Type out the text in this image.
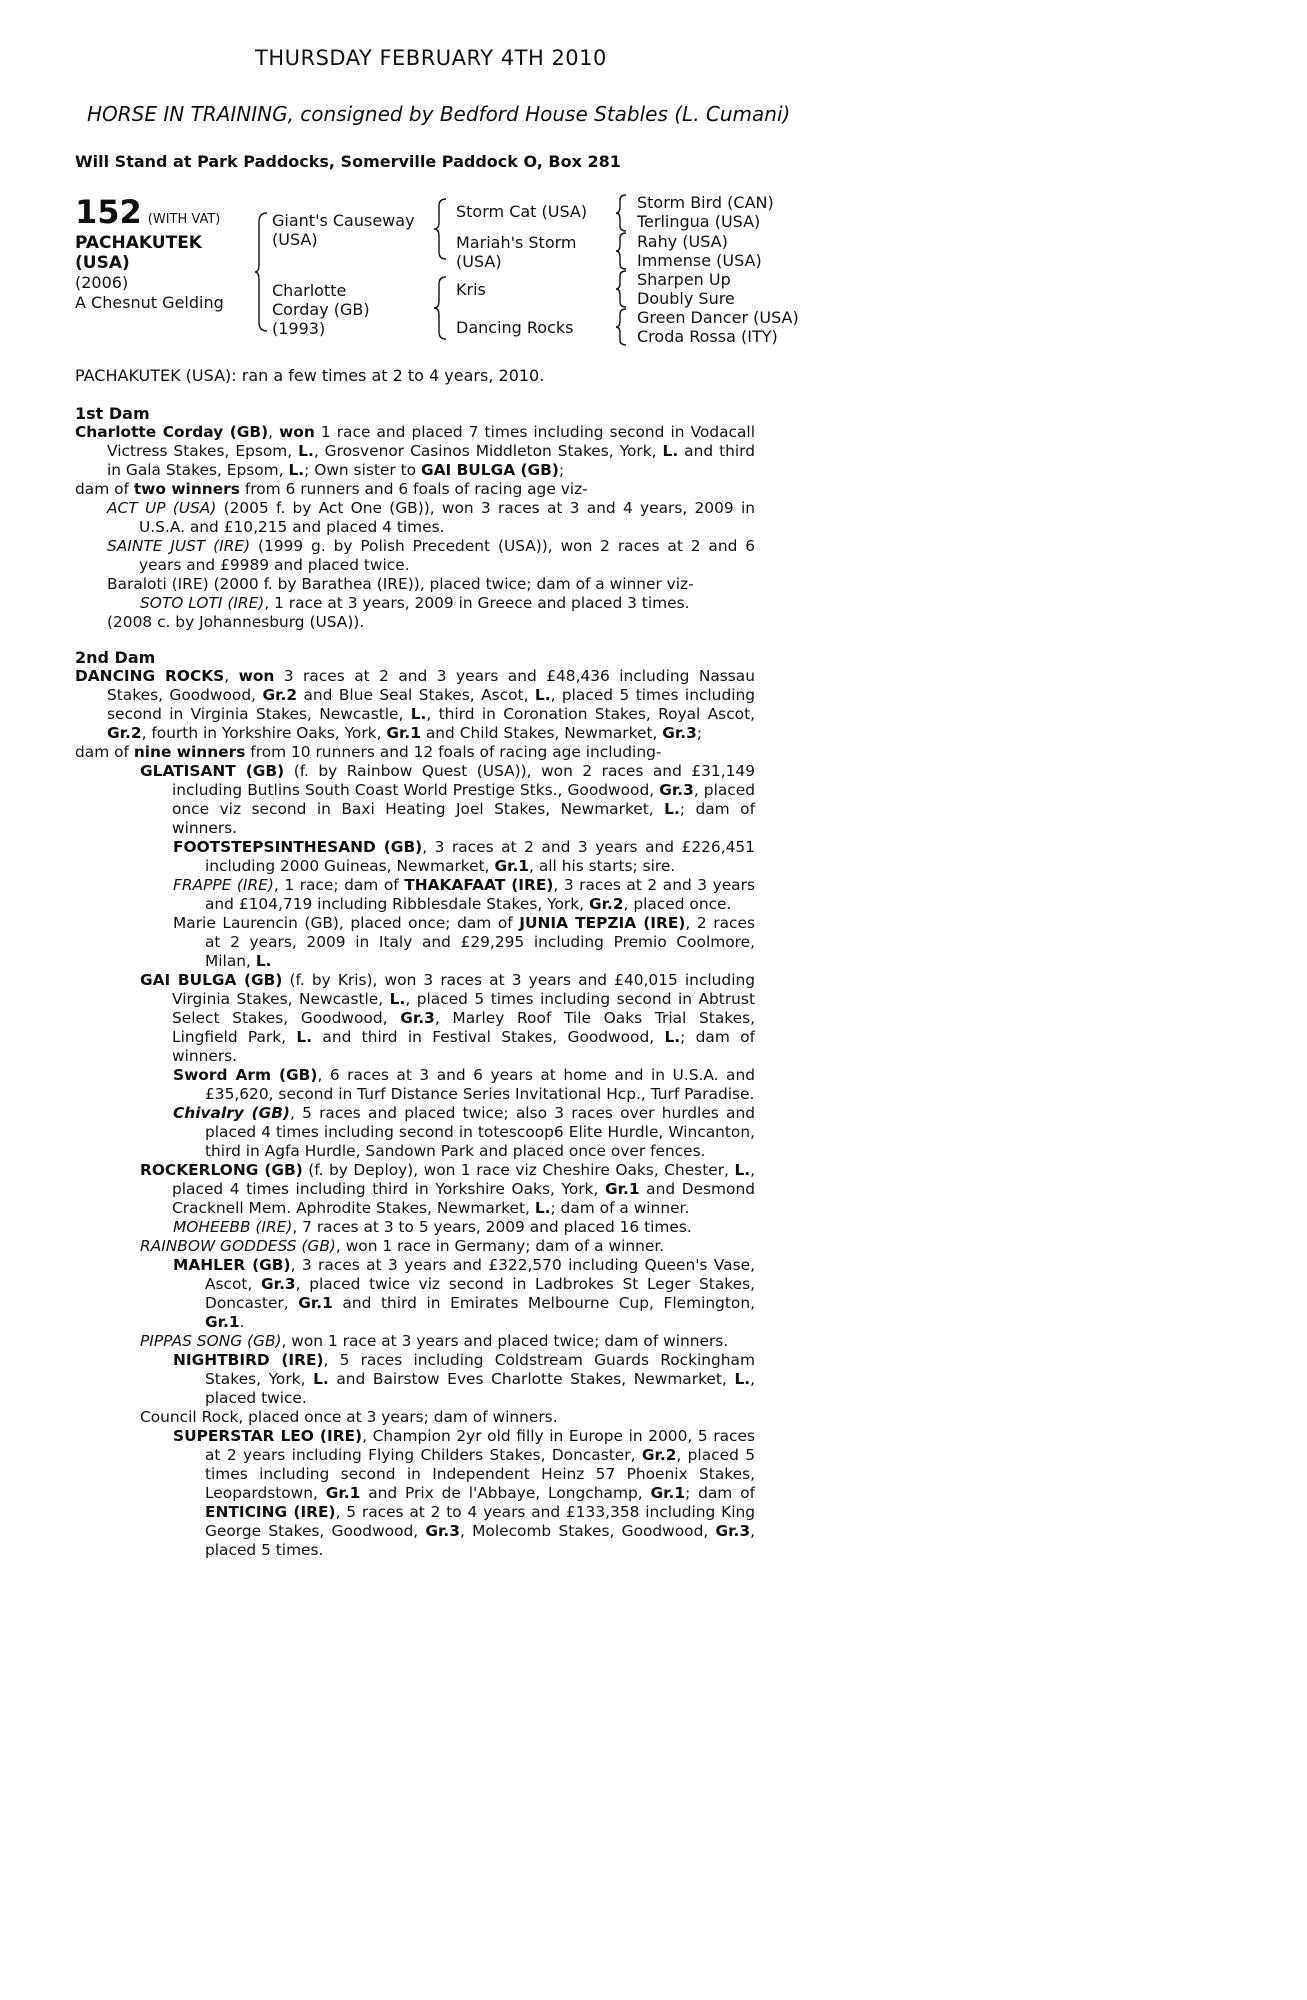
THURSDAY FEBRUARY 4TH 2010
HORSE IN TRAINING, consigned by Bedford House Stables (L. Cumani)
Will Stand at Park Paddocks, Somerville Paddock O, Box 281
152 (WITH VAT)
PACHAKUTEK (USA)
(2006)
A Chesnut Gelding
Giant's Causeway (USA)
Charlotte Corday (GB) (1993)
Storm Cat (USA)
Mariah's Storm (USA)
Kris
Dancing Rocks
Storm Bird (CAN)
Terlingua (USA)
Rahy (USA)
Immense (USA)
Sharpen Up
Doubly Sure
Green Dancer (USA)
Croda Rossa (ITY)
PACHAKUTEK (USA): ran a few times at 2 to 4 years, 2010.
1st Dam

Charlotte Corday (GB), won 1 race and placed 7 times including second in Vodacall Victress Stakes, Epsom, L., Grosvenor Casinos Middleton Stakes, York, L. and third in Gala Stakes, Epsom, L.; Own sister to GAI BULGA (GB);

dam of two winners from 6 runners and 6 foals of racing age viz-

ACT UP (USA) (2005 f. by Act One (GB)), won 3 races at 3 and 4 years, 2009 in U.S.A. and £10,215 and placed 4 times.

SAINTE JUST (IRE) (1999 g. by Polish Precedent (USA)), won 2 races at 2 and 6 years and £9989 and placed twice.

Baraloti (IRE) (2000 f. by Barathea (IRE)), placed twice; dam of a winner viz-

SOTO LOTI (IRE), 1 race at 3 years, 2009 in Greece and placed 3 times.

(2008 c. by Johannesburg (USA)).

2nd Dam

DANCING ROCKS, won 3 races at 2 and 3 years and £48,436 including Nassau Stakes, Goodwood, Gr.2 and Blue Seal Stakes, Ascot, L., placed 5 times including second in Virginia Stakes, Newcastle, L., third in Coronation Stakes, Royal Ascot, Gr.2, fourth in Yorkshire Oaks, York, Gr.1 and Child Stakes, Newmarket, Gr.3;

dam of nine winners from 10 runners and 12 foals of racing age including-

GLATISANT (GB) (f. by Rainbow Quest (USA)), won 2 races and £31,149 including Butlins South Coast World Prestige Stks., Goodwood, Gr.3, placed once viz second in Baxi Heating Joel Stakes, Newmarket, L.; dam of winners.

FOOTSTEPSINTHESAND (GB), 3 races at 2 and 3 years and £226,451 including 2000 Guineas, Newmarket, Gr.1, all his starts; sire.

FRAPPE (IRE), 1 race; dam of THAKAFAAT (IRE), 3 races at 2 and 3 years and £104,719 including Ribblesdale Stakes, York, Gr.2, placed once.

Marie Laurencin (GB), placed once; dam of JUNIA TEPZIA (IRE), 2 races at 2 years, 2009 in Italy and £29,295 including Premio Coolmore, Milan, L.

GAI BULGA (GB) (f. by Kris), won 3 races at 3 years and £40,015 including Virginia Stakes, Newcastle, L., placed 5 times including second in Abtrust Select Stakes, Goodwood, Gr.3, Marley Roof Tile Oaks Trial Stakes, Lingfield Park, L. and third in Festival Stakes, Goodwood, L.; dam of winners.

Sword Arm (GB), 6 races at 3 and 6 years at home and in U.S.A. and £35,620, second in Turf Distance Series Invitational Hcp., Turf Paradise.

Chivalry (GB), 5 races and placed twice; also 3 races over hurdles and placed 4 times including second in totescoop6 Elite Hurdle, Wincanton, third in Agfa Hurdle, Sandown Park and placed once over fences.

ROCKERLONG (GB) (f. by Deploy), won 1 race viz Cheshire Oaks, Chester, L., placed 4 times including third in Yorkshire Oaks, York, Gr.1 and Desmond Cracknell Mem. Aphrodite Stakes, Newmarket, L.; dam of a winner.

MOHEEBB (IRE), 7 races at 3 to 5 years, 2009 and placed 16 times.

RAINBOW GODDESS (GB), won 1 race in Germany; dam of a winner.

MAHLER (GB), 3 races at 3 years and £322,570 including Queen's Vase, Ascot, Gr.3, placed twice viz second in Ladbrokes St Leger Stakes, Doncaster, Gr.1 and third in Emirates Melbourne Cup, Flemington, Gr.1.

PIPPAS SONG (GB), won 1 race at 3 years and placed twice; dam of winners.

NIGHTBIRD (IRE), 5 races including Coldstream Guards Rockingham Stakes, York, L. and Bairstow Eves Charlotte Stakes, Newmarket, L., placed twice.

Council Rock, placed once at 3 years; dam of winners.

SUPERSTAR LEO (IRE), Champion 2yr old filly in Europe in 2000, 5 races at 2 years including Flying Childers Stakes, Doncaster, Gr.2, placed 5 times including second in Independent Heinz 57 Phoenix Stakes, Leopardstown, Gr.1 and Prix de l'Abbaye, Longchamp, Gr.1; dam of ENTICING (IRE), 5 races at 2 to 4 years and £133,358 including King George Stakes, Goodwood, Gr.3, Molecomb Stakes, Goodwood, Gr.3, placed 5 times.
